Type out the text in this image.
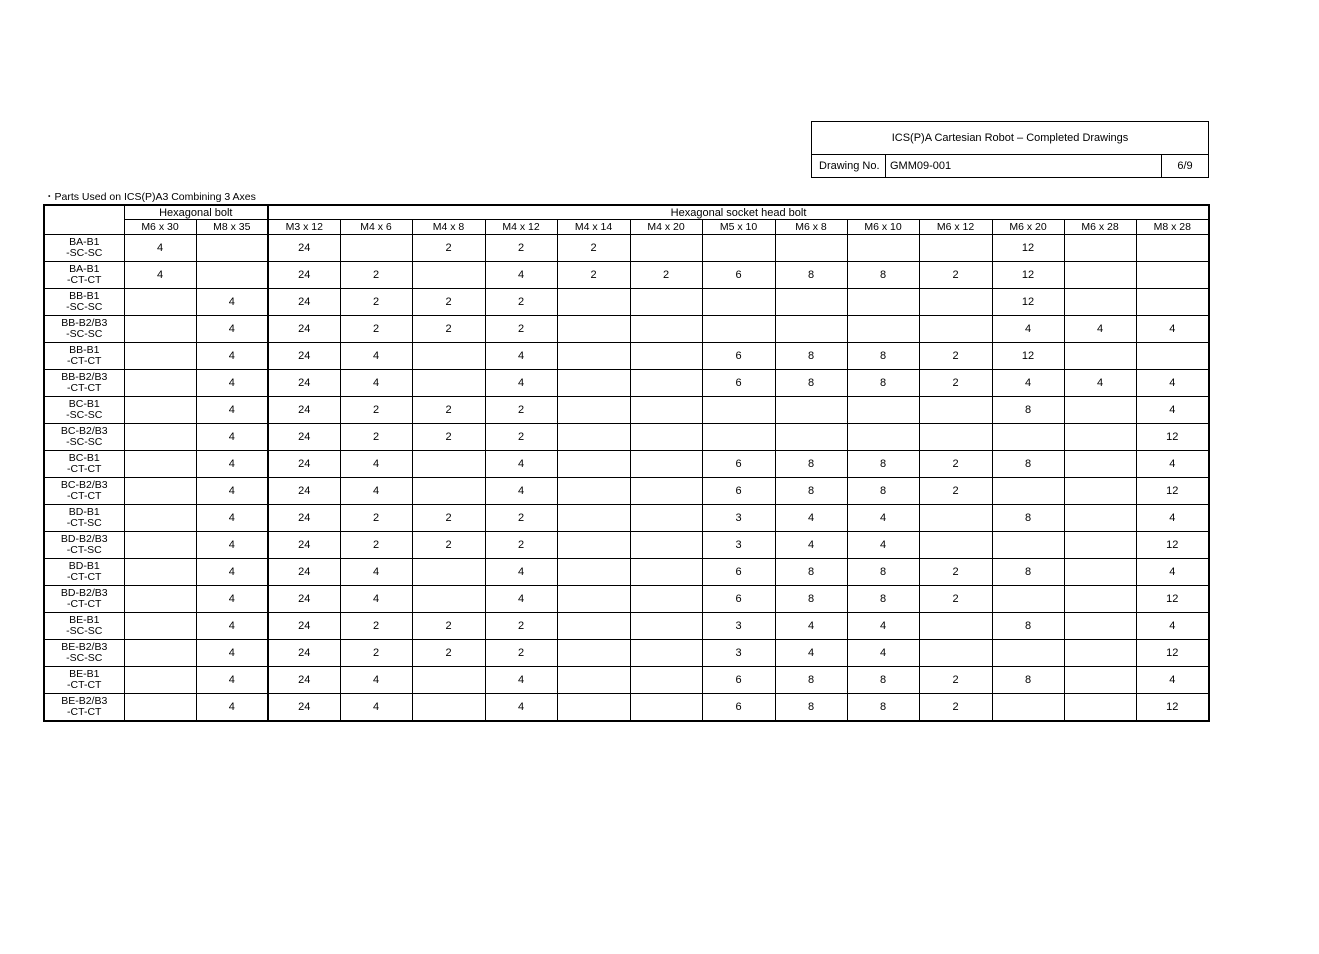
ICS(P)A Cartesian Robot – Completed Drawings
Drawing No. GMM09-001	6/9
・Parts Used on ICS(P)A3 Combining 3 Axes
	Hexagonal bolt		Hexagonal socket head bolt												
	M6 x 30	M8 x 35	M3 x 12	M4 x 6	M4 x 8	M4 x 12	M4 x 14	M4 x 20	M5 x 10	M6 x 8	M6 x 10	M6 x 12	M6 x 20	M6 x 28	M8 x 28

BA-B1
-SC-SC	4		24		2	2	2						12		

BA-B1
-CT-CT	4		24	2		4	2	2	6	8	8	2	12		

BB-B1
-SC-SC		4	24	2	2	2							12		

BB-B2/B3
-SC-SC		4	24	2	2	2							4	4	4

BB-B1
-CT-CT		4	24	4		4			6	8	8	2	12		

BB-B2/B3
-CT-CT		4	24	4		4			6	8	8	2	4	4	4

BC-B1
-SC-SC		4	24	2	2	2							8		4

BC-B2/B3
-SC-SC		4	24	2	2	2									12

BC-B1
-CT-CT		4	24	4		4			6	8	8	2	8		4

BC-B2/B3
-CT-CT		4	24	4		4			6	8	8	2			12

BD-B1
-CT-SC		4	24	2	2	2			3	4	4		8		4

BD-B2/B3
-CT-SC		4	24	2	2	2			3	4	4				12

BD-B1
-CT-CT		4	24	4		4			6	8	8	2	8		4

BD-B2/B3
-CT-CT		4	24	4		4			6	8	8	2			12

BE-B1
-SC-SC		4	24	2	2	2			3	4	4		8		4

BE-B2/B3
-SC-SC		4	24	2	2	2			3	4	4				12

BE-B1
-CT-CT		4	24	4		4			6	8	8	2	8		4

BE-B2/B3
-CT-CT		4	24	4		4			6	8	8	2			12
